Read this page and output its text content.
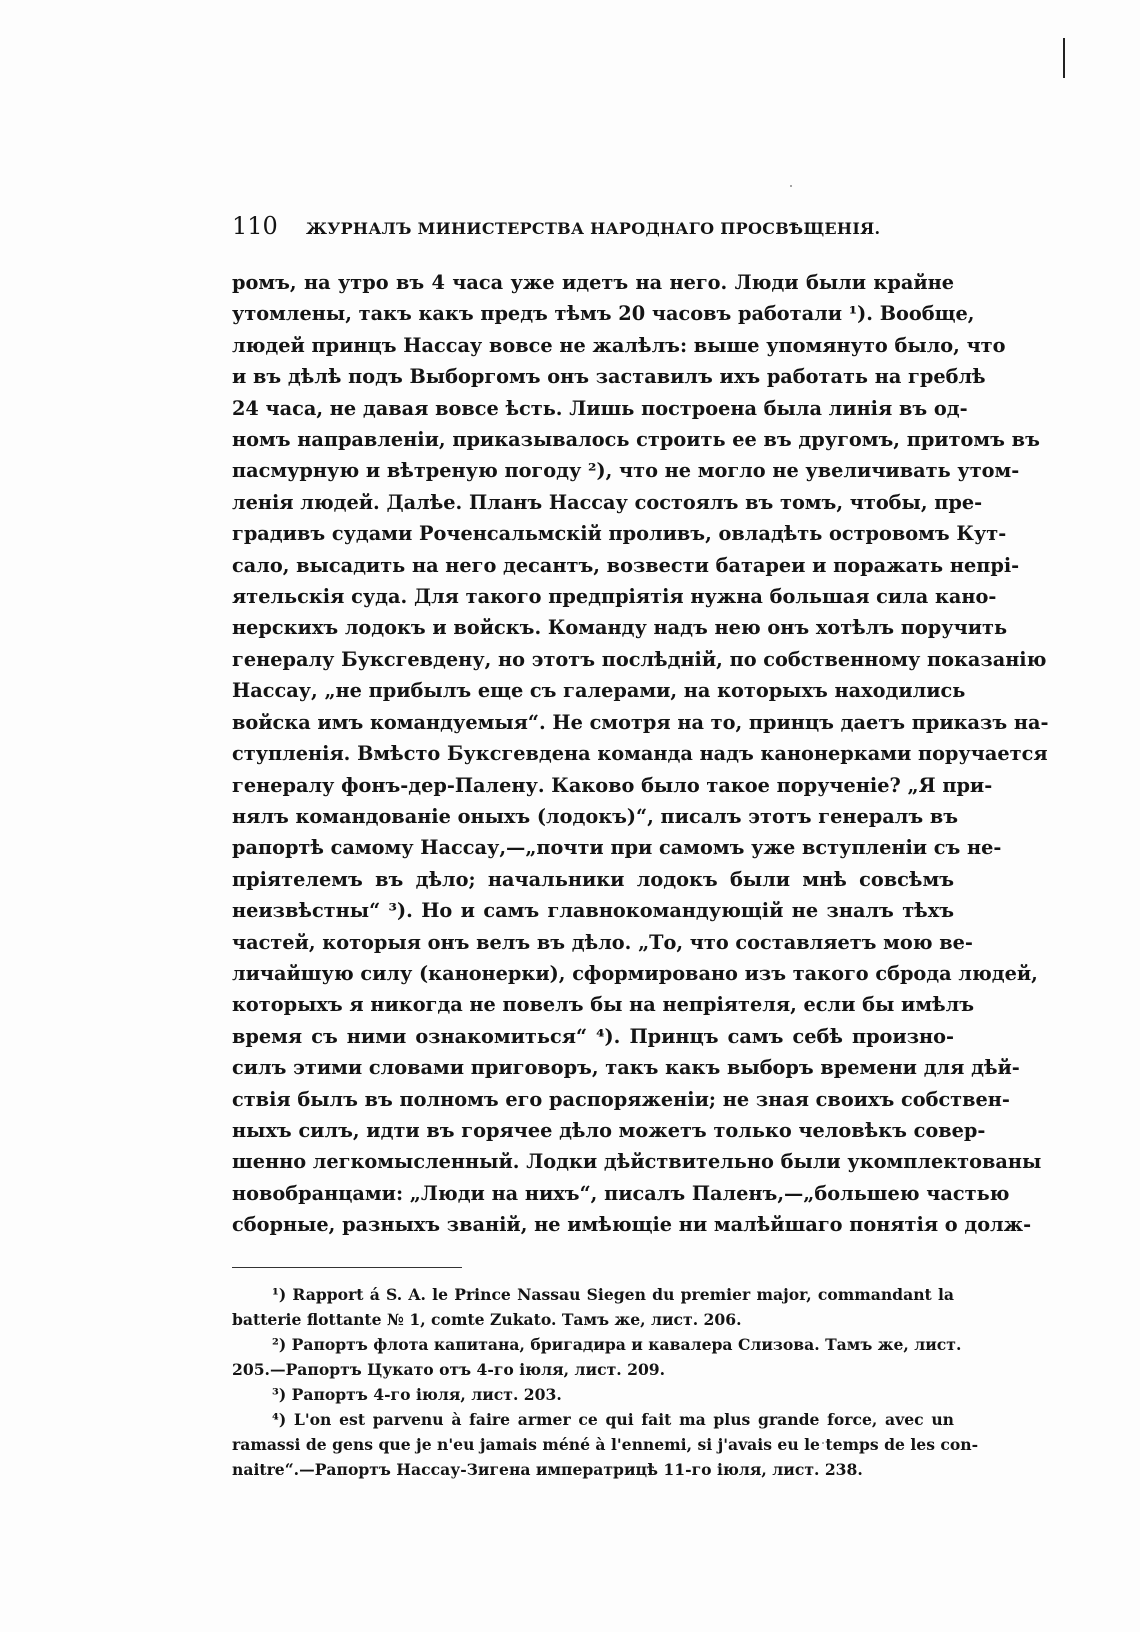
110	ЖУРНАЛЪ МИНИСТЕРСТВА НАРОДНАГО ПРОСВѢЩЕНІЯ.
ромъ, на утро въ 4 часа уже идетъ на него. Люди были крайне
утомлены, такъ какъ предъ тѣмъ 20 часовъ работали ¹). Вообще,
людей принцъ Нассау вовсе не жалѣлъ: выше упомянуто было, что
и въ дѣлѣ подъ Выборгомъ онъ заставилъ ихъ работать на греблѣ
24 часа, не давая вовсе ѣсть. Лишь построена была линія въ од-
номъ направленіи, приказывалось строить ее въ другомъ, притомъ въ
пасмурную и вѣтреную погоду ²), что не могло не увеличивать утом-
ленія людей. Далѣе. Планъ Нассау состоялъ въ томъ, чтобы, пре-
градивъ судами Роченсальмскій проливъ, овладѣть островомъ Кут-
сало, высадить на него десантъ, возвести батареи и поражать непрі-
ятельскія суда. Для такого предпріятія нужна большая сила кано-
нерскихъ лодокъ и войскъ. Команду надъ нею онъ хотѣлъ поручить
генералу Буксгевдену, но этотъ послѣдній, по собственному показанію
Нассау, „не прибылъ еще съ галерами, на которыхъ находились
войска имъ командуемыя“. Не смотря на то, принцъ даетъ приказъ на-
ступленія. Вмѣсто Буксгевдена команда надъ канонерками поручается
генералу фонъ-дер-Палену. Каково было такое порученіе? „Я при-
нялъ командованіе оныхъ (лодокъ)“, писалъ этотъ генералъ въ
рапортѣ самому Нассау,—„почти при самомъ уже вступленіи съ не-
пріятелемъ въ дѣло; начальники лодокъ были мнѣ совсѣмъ
неизвѣстны“ ³). Но и самъ главнокомандующій не зналъ тѣхъ
частей, которыя онъ велъ въ дѣло. „То, что составляетъ мою ве-
личайшую силу (канонерки), сформировано изъ такого сброда людей,
которыхъ я никогда не повелъ бы на непріятеля, если бы имѣлъ
время съ ними ознакомиться“ ⁴). Принцъ самъ себѣ произно-
силъ этими словами приговоръ, такъ какъ выборъ времени для дѣй-
ствія былъ въ полномъ его распоряженіи; не зная своихъ собствен-
ныхъ силъ, идти въ горячее дѣло можетъ только человѣкъ совер-
шенно легкомысленный. Лодки дѣйствительно были укомплектованы
новобранцами: „Люди на нихъ“, писалъ Паленъ,—„большею частью
сборные, разныхъ званій, не имѣющіе ни малѣйшаго понятія о долж-
¹) Rapport á S. A. le Prince Nassau Siegen du premier major, commandant la
batterie flottante № 1, comte Zukato. Тамъ же, лист. 206.
²) Рапортъ флота капитана, бригадира и кавалера Слизова. Тамъ же, лист.
205.—Рапортъ Цукато отъ 4-го іюля, лист. 209.
³) Рапортъ 4-го іюля, лист. 203.
⁴) L'on est parvenu à faire armer ce qui fait ma plus grande force, avec un
ramassi de gens que je n'eu jamais méné à l'ennemi, si j'avais eu le temps de les con-
naitre“.—Рапортъ Нассау-Зигена императрицѣ 11-го іюля, лист. 238.
